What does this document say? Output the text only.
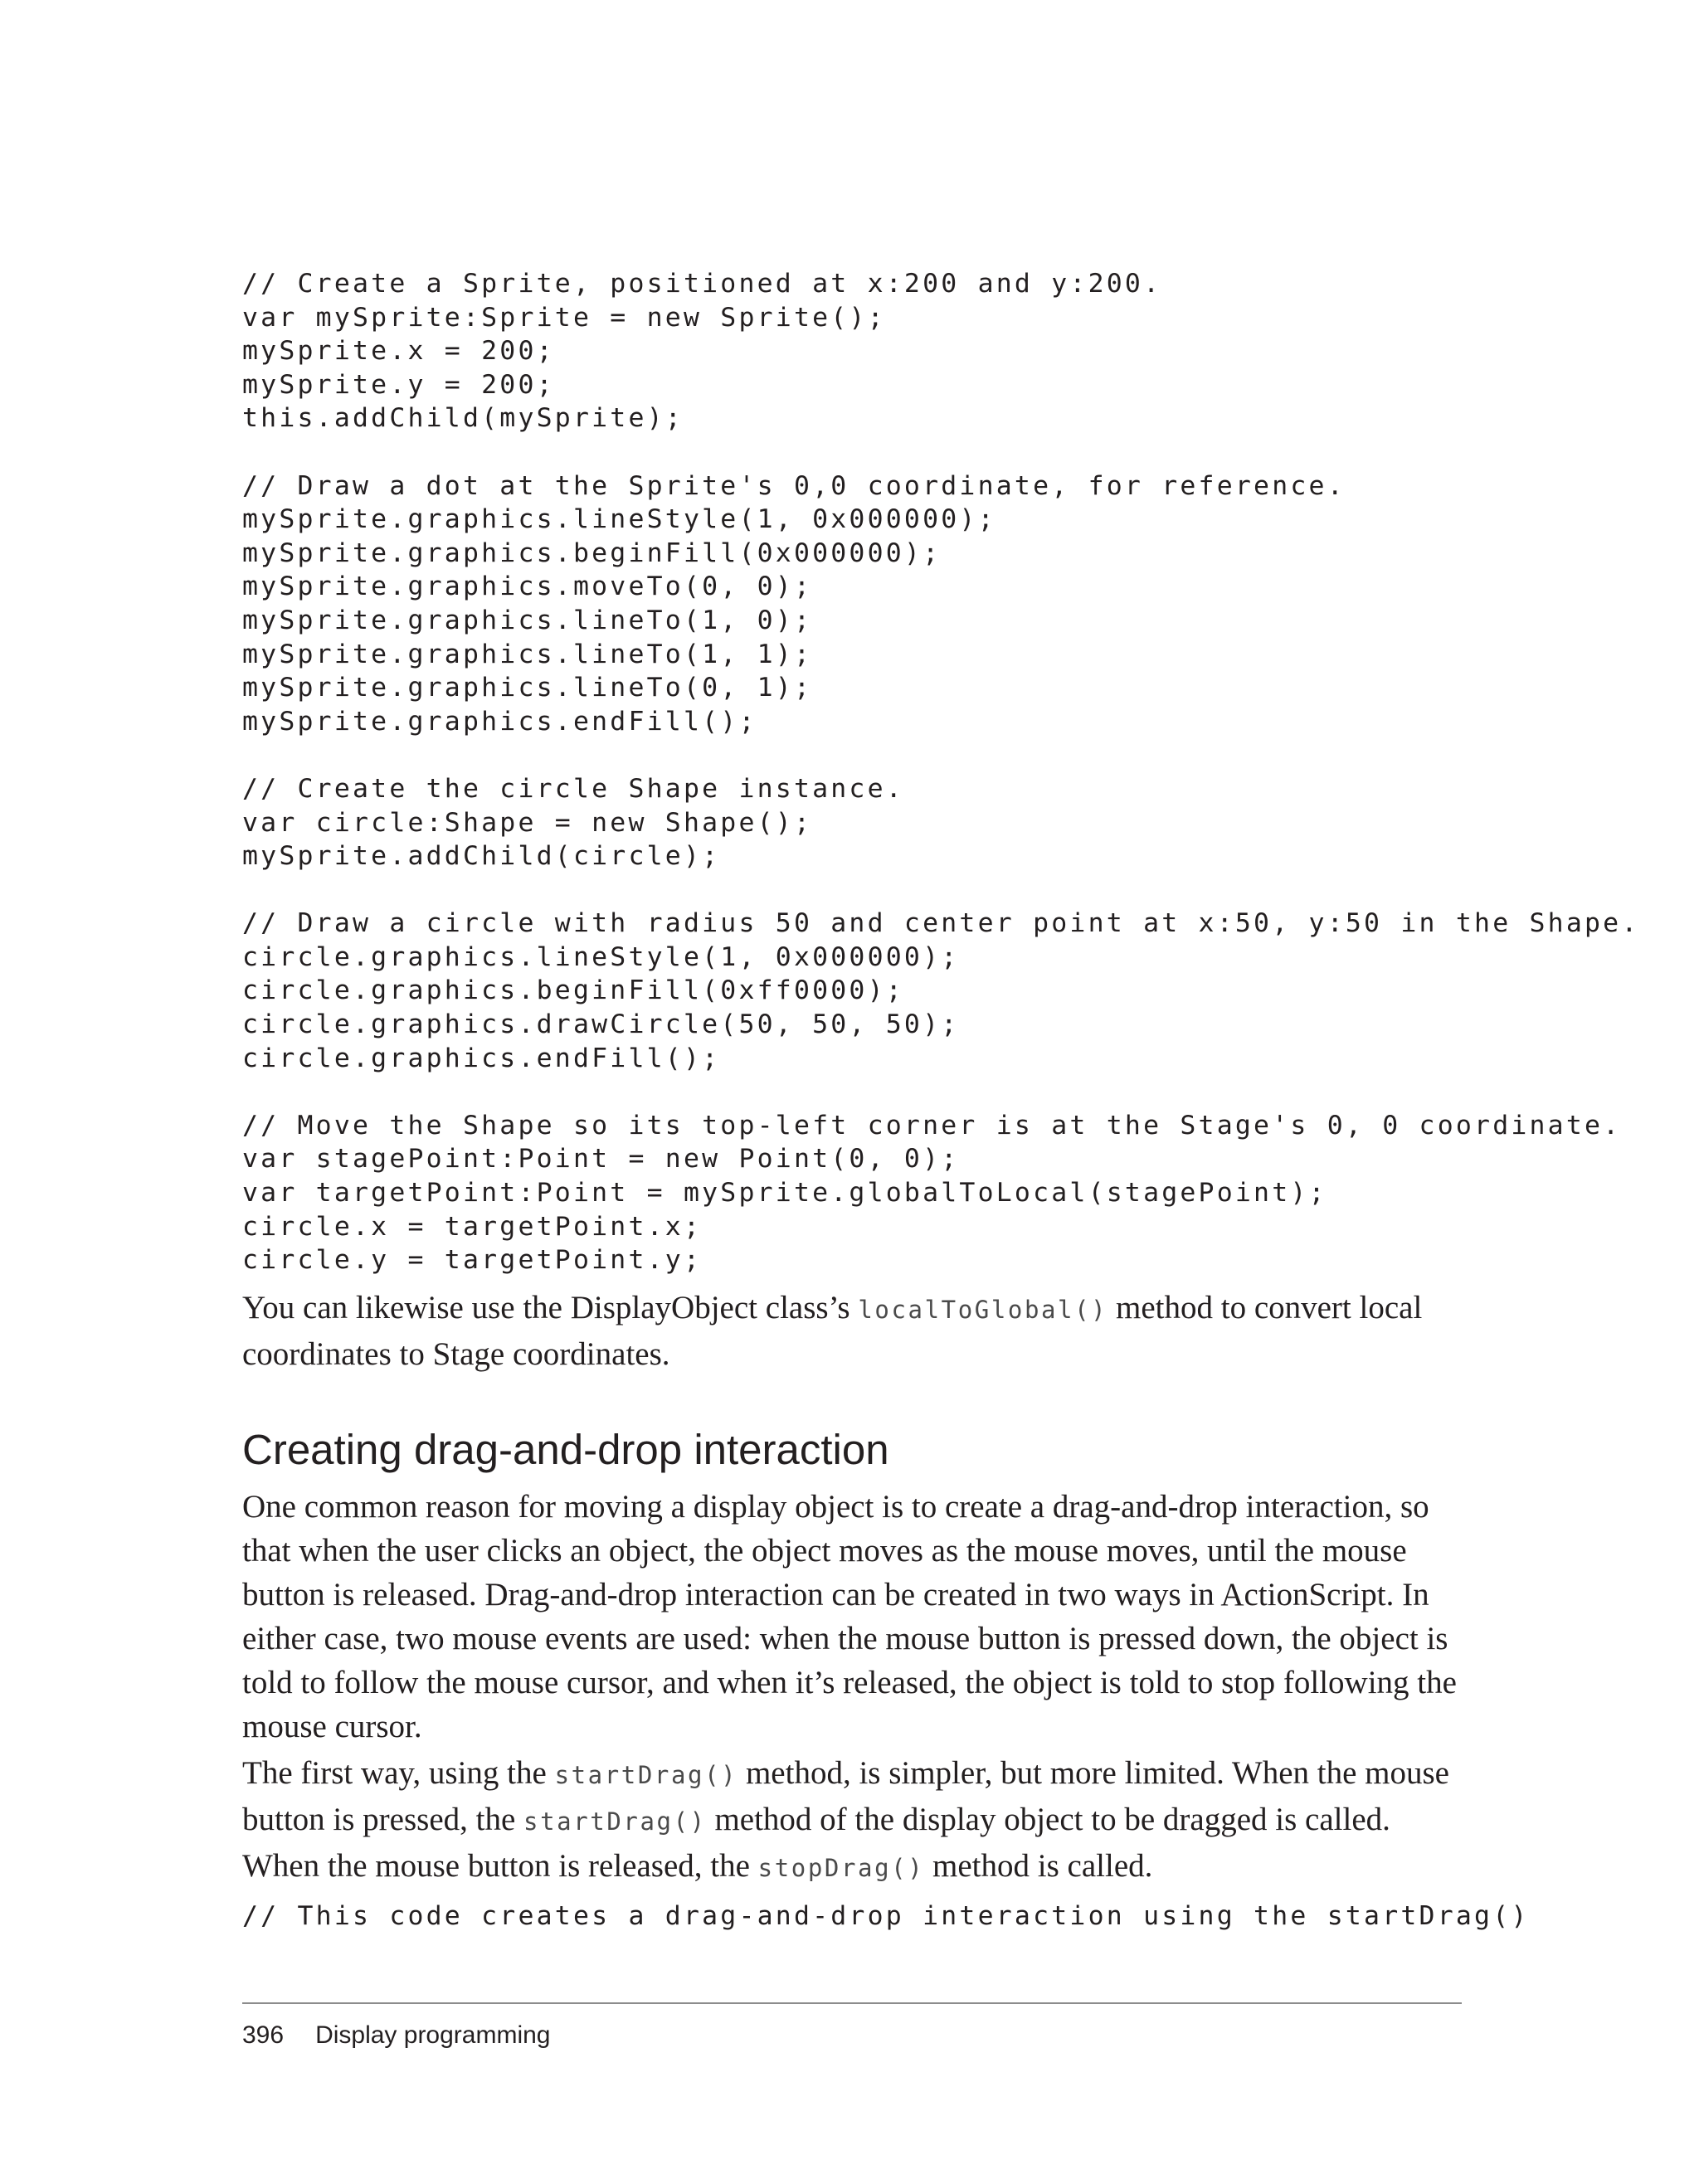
// Create a Sprite, positioned at x:200 and y:200.
var mySprite:Sprite = new Sprite();
mySprite.x = 200;
mySprite.y = 200;
this.addChild(mySprite);
// Draw a dot at the Sprite's 0,0 coordinate, for reference.
mySprite.graphics.lineStyle(1, 0x000000);
mySprite.graphics.beginFill(0x000000);
mySprite.graphics.moveTo(0, 0);
mySprite.graphics.lineTo(1, 0);
mySprite.graphics.lineTo(1, 1);
mySprite.graphics.lineTo(0, 1);
mySprite.graphics.endFill();
// Create the circle Shape instance.
var circle:Shape = new Shape();
mySprite.addChild(circle);
// Draw a circle with radius 50 and center point at x:50, y:50 in the Shape.
circle.graphics.lineStyle(1, 0x000000);
circle.graphics.beginFill(0xff0000);
circle.graphics.drawCircle(50, 50, 50);
circle.graphics.endFill();
// Move the Shape so its top-left corner is at the Stage's 0, 0 coordinate.
var stagePoint:Point = new Point(0, 0);
var targetPoint:Point = mySprite.globalToLocal(stagePoint);
circle.x = targetPoint.x;
circle.y = targetPoint.y;

You can likewise use the DisplayObject class’s localToGlobal() method to convert local coordinates to Stage coordinates.

Creating drag-and-drop interaction

One common reason for moving a display object is to create a drag-and-drop interaction, so that when the user clicks an object, the object moves as the mouse moves, until the mouse button is released. Drag-and-drop interaction can be created in two ways in ActionScript. In either case, two mouse events are used: when the mouse button is pressed down, the object is told to follow the mouse cursor, and when it’s released, the object is told to stop following the mouse cursor.

The first way, using the startDrag() method, is simpler, but more limited. When the mouse button is pressed, the startDrag() method of the display object to be dragged is called. When the mouse button is released, the stopDrag() method is called.

// This code creates a drag-and-drop interaction using the startDrag()
396 Display programming
